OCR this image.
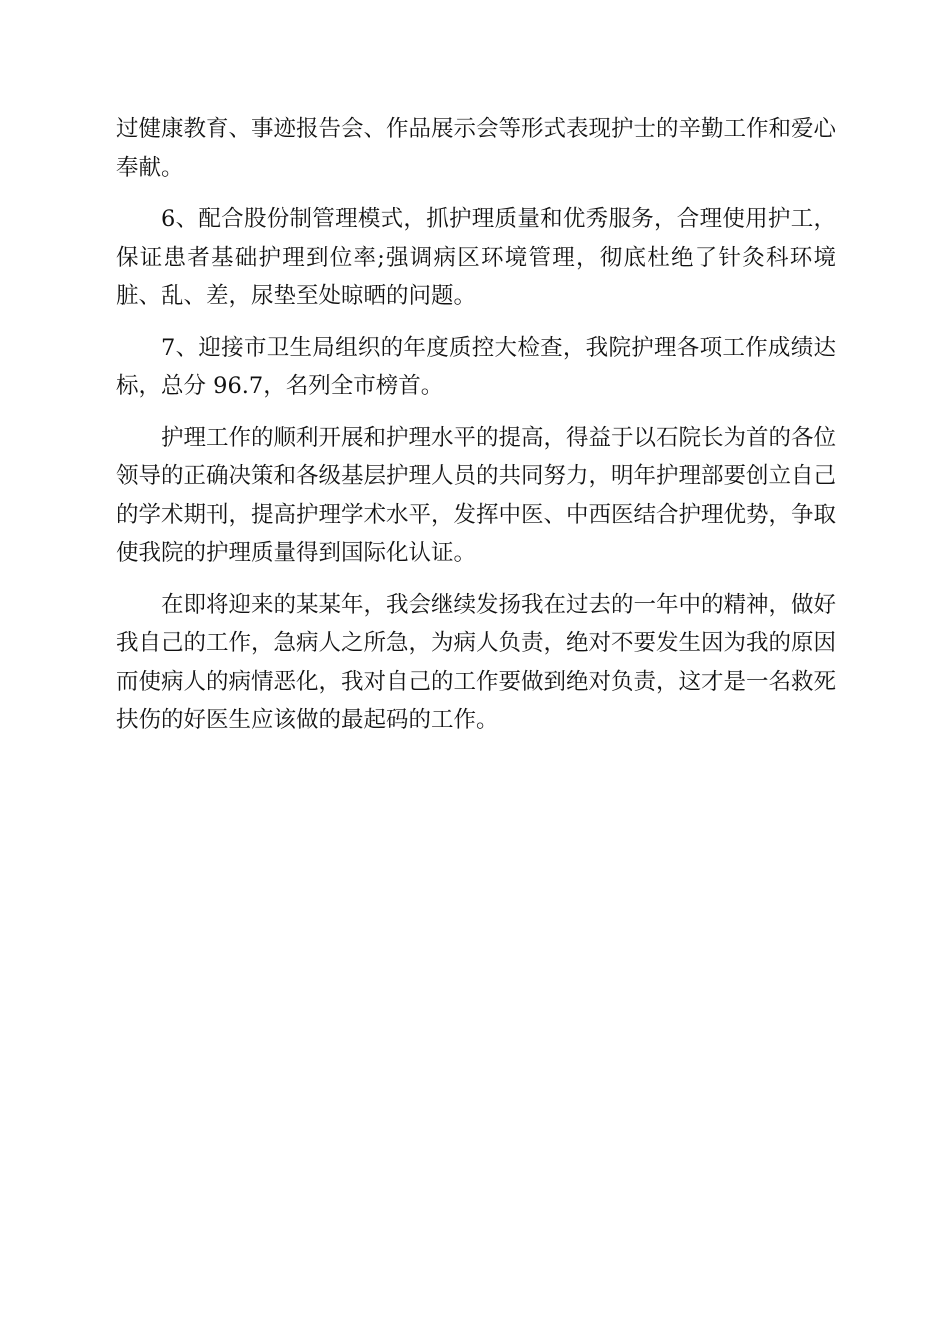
过健康教育、事迹报告会、作品展示会等形式表现护士的辛勤工作和爱心
奉献。

6、配合股份制管理模式，抓护理质量和优秀服务，合理使用护工，
保证患者基础护理到位率;强调病区环境管理，彻底杜绝了针灸科环境
脏、乱、差，尿垫至处晾晒的问题。

7、迎接市卫生局组织的年度质控大检查，我院护理各项工作成绩达
标，总分 96.7，名列全市榜首。

护理工作的顺利开展和护理水平的提高，得益于以石院长为首的各位
领导的正确决策和各级基层护理人员的共同努力，明年护理部要创立自己
的学术期刊，提高护理学术水平，发挥中医、中西医结合护理优势，争取
使我院的护理质量得到国际化认证。

在即将迎来的某某年，我会继续发扬我在过去的一年中的精神，做好
我自己的工作，急病人之所急，为病人负责，绝对不要发生因为我的原因
而使病人的病情恶化，我对自己的工作要做到绝对负责，这才是一名救死
扶伤的好医生应该做的最起码的工作。
